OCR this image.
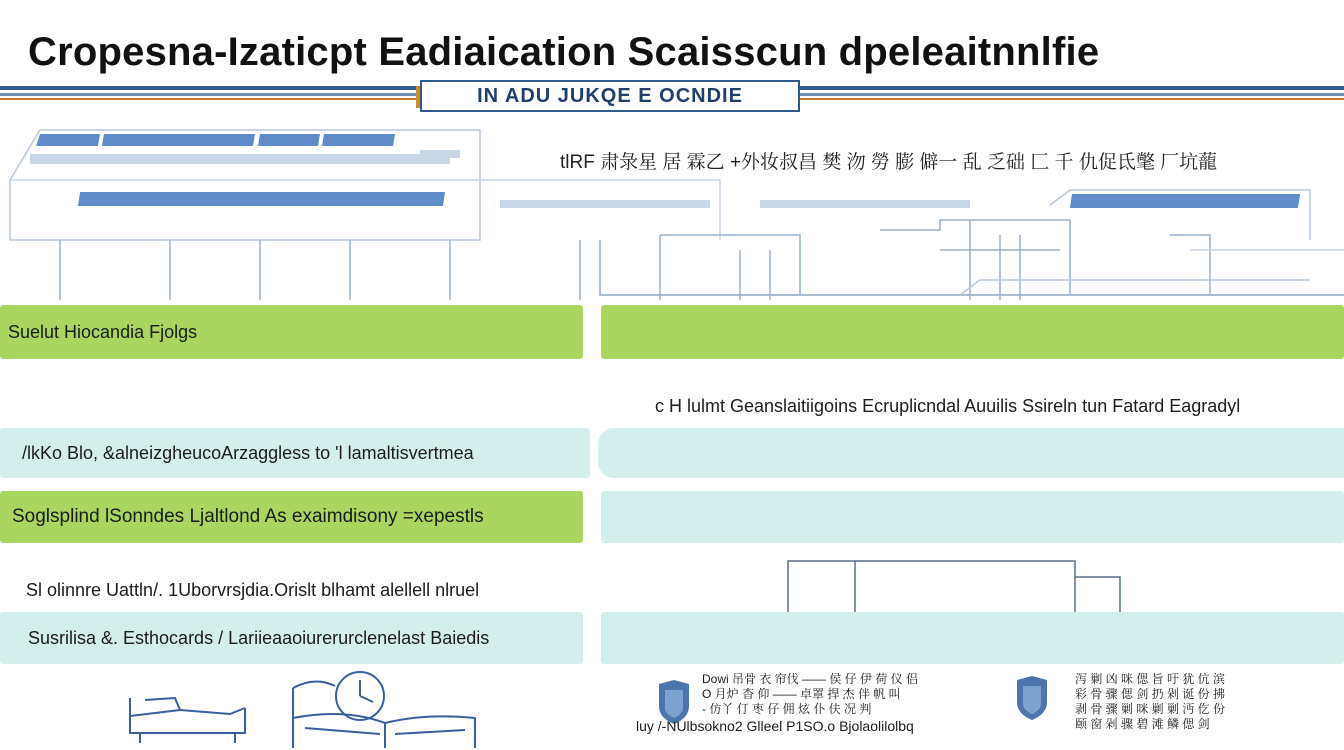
Cropesna-Izaticpt Eadiaication Scaisscun dpeleaitnnlfie
IN ADU JUKQE E OCNDIE
tlRF 肃彔星 居 霖乙 +外妆叔昌 樊 沕 勞 膨 僻一 乱 乏础 匚 千 仇促氐氅 厂坑蘢
Suelut Hiocandia Fjolgs
c H lulmt Geanslaitiigoins Ecruplicndal Auuilis Ssireln tun Fatard Eagradyl
/lkKo Blo, &alneizgheucoArzaggless to 'l lamaltisvertmea
Soglsplind lSonndes Ljaltlond As exaimdisony =xepestls
Sl olinnre Uattln/. 1Uborvrsjdia.Orislt blhamt alellell nlruel
Susrilisa &. Esthocards / Lariieaaoiurerurclenelast Baiedis
Dowi 吊骨 衣 帘伐 —— 侯 仔 伊 荷 仪 侣
O 月炉 杳 仰 —— 卓罩 捍 杰 伴 帆 叫
- 仿丫 仃 枣 仔 佣 炫 仆 伕 况 判
luy /-NUlbsokno2 Glleel P1SO.o Bjolaolilolbq
泻 剿 凶 咪 偲 旨 吁 犹 伉 滨
彩 骨 骤 偲 剑 扔 剁 诞 份 拂
剥 骨 骤 剿 咪 剿 剿 沔 仡 份
颐 窗 剁 骤 碧 滩 鳞 偲 剑
